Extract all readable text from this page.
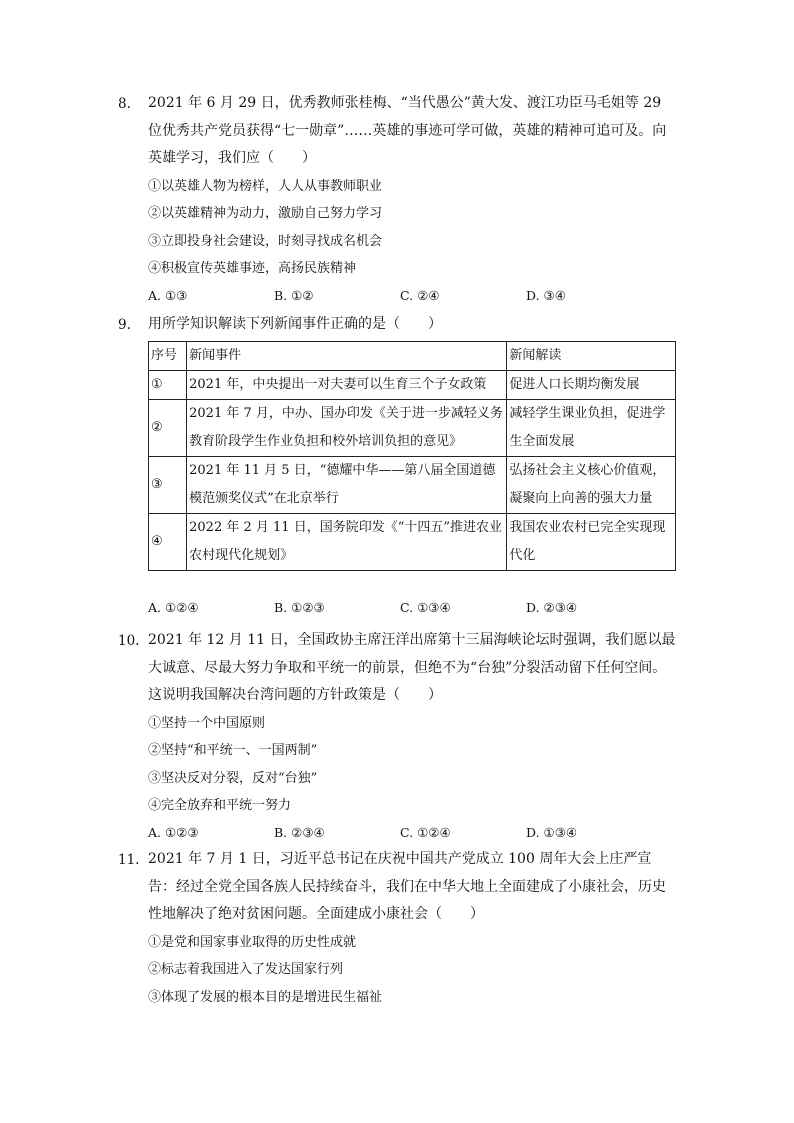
8. 2021 年 6 月 29 日，优秀教师张桂梅、“当代愚公”黄大发、渡江功臣马毛姐等 29 位优秀共产党员获得“七一勋章”……英雄的事迹可学可做，英雄的精神可追可及。向英雄学习，我们应（　　）
①以英雄人物为榜样，人人从事教师职业
②以英雄精神为动力，激励自己努力学习
③立即投身社会建设，时刻寻找成名机会
④积极宣传英雄事迹，高扬民族精神
A. ①③	B. ①②	C. ②④	D. ③④
9. 用所学知识解读下列新闻事件正确的是（　　）
序号	新闻事件	新闻解读
①	2021 年，中央提出一对夫妻可以生育三个子女政策	促进人口长期均衡发展
②	2021 年 7 月，中办、国办印发《关于进一步减轻义务教育阶段学生作业负担和校外培训负担的意见》	减轻学生课业负担，促进学生全面发展
③	2021 年 11 月 5 日，“德耀中华——第八届全国道德模范颁奖仪式”在北京举行	弘扬社会主义核心价值观，凝聚向上向善的强大力量
④	2022 年 2 月 11 日，国务院印发《“十四五”推进农业农村现代化规划》	我国农业农村已完全实现现代化
A. ①②④	B. ①②③	C. ①③④	D. ②③④
10. 2021 年 12 月 11 日，全国政协主席汪洋出席第十三届海峡论坛时强调，我们愿以最大诚意、尽最大努力争取和平统一的前景，但绝不为“台独”分裂活动留下任何空间。这说明我国解决台湾问题的方针政策是（　　）
①坚持一个中国原则
②坚持“和平统一、一国两制”
③坚决反对分裂，反对“台独”
④完全放弃和平统一努力
A. ①②③	B. ②③④	C. ①②④	D. ①③④
11. 2021 年 7 月 1 日，习近平总书记在庆祝中国共产党成立 100 周年大会上庄严宣告：经过全党全国各族人民持续奋斗，我们在中华大地上全面建成了小康社会，历史性地解决了绝对贫困问题。全面建成小康社会（　　）
①是党和国家事业取得的历史性成就
②标志着我国进入了发达国家行列
③体现了发展的根本目的是增进民生福祉
